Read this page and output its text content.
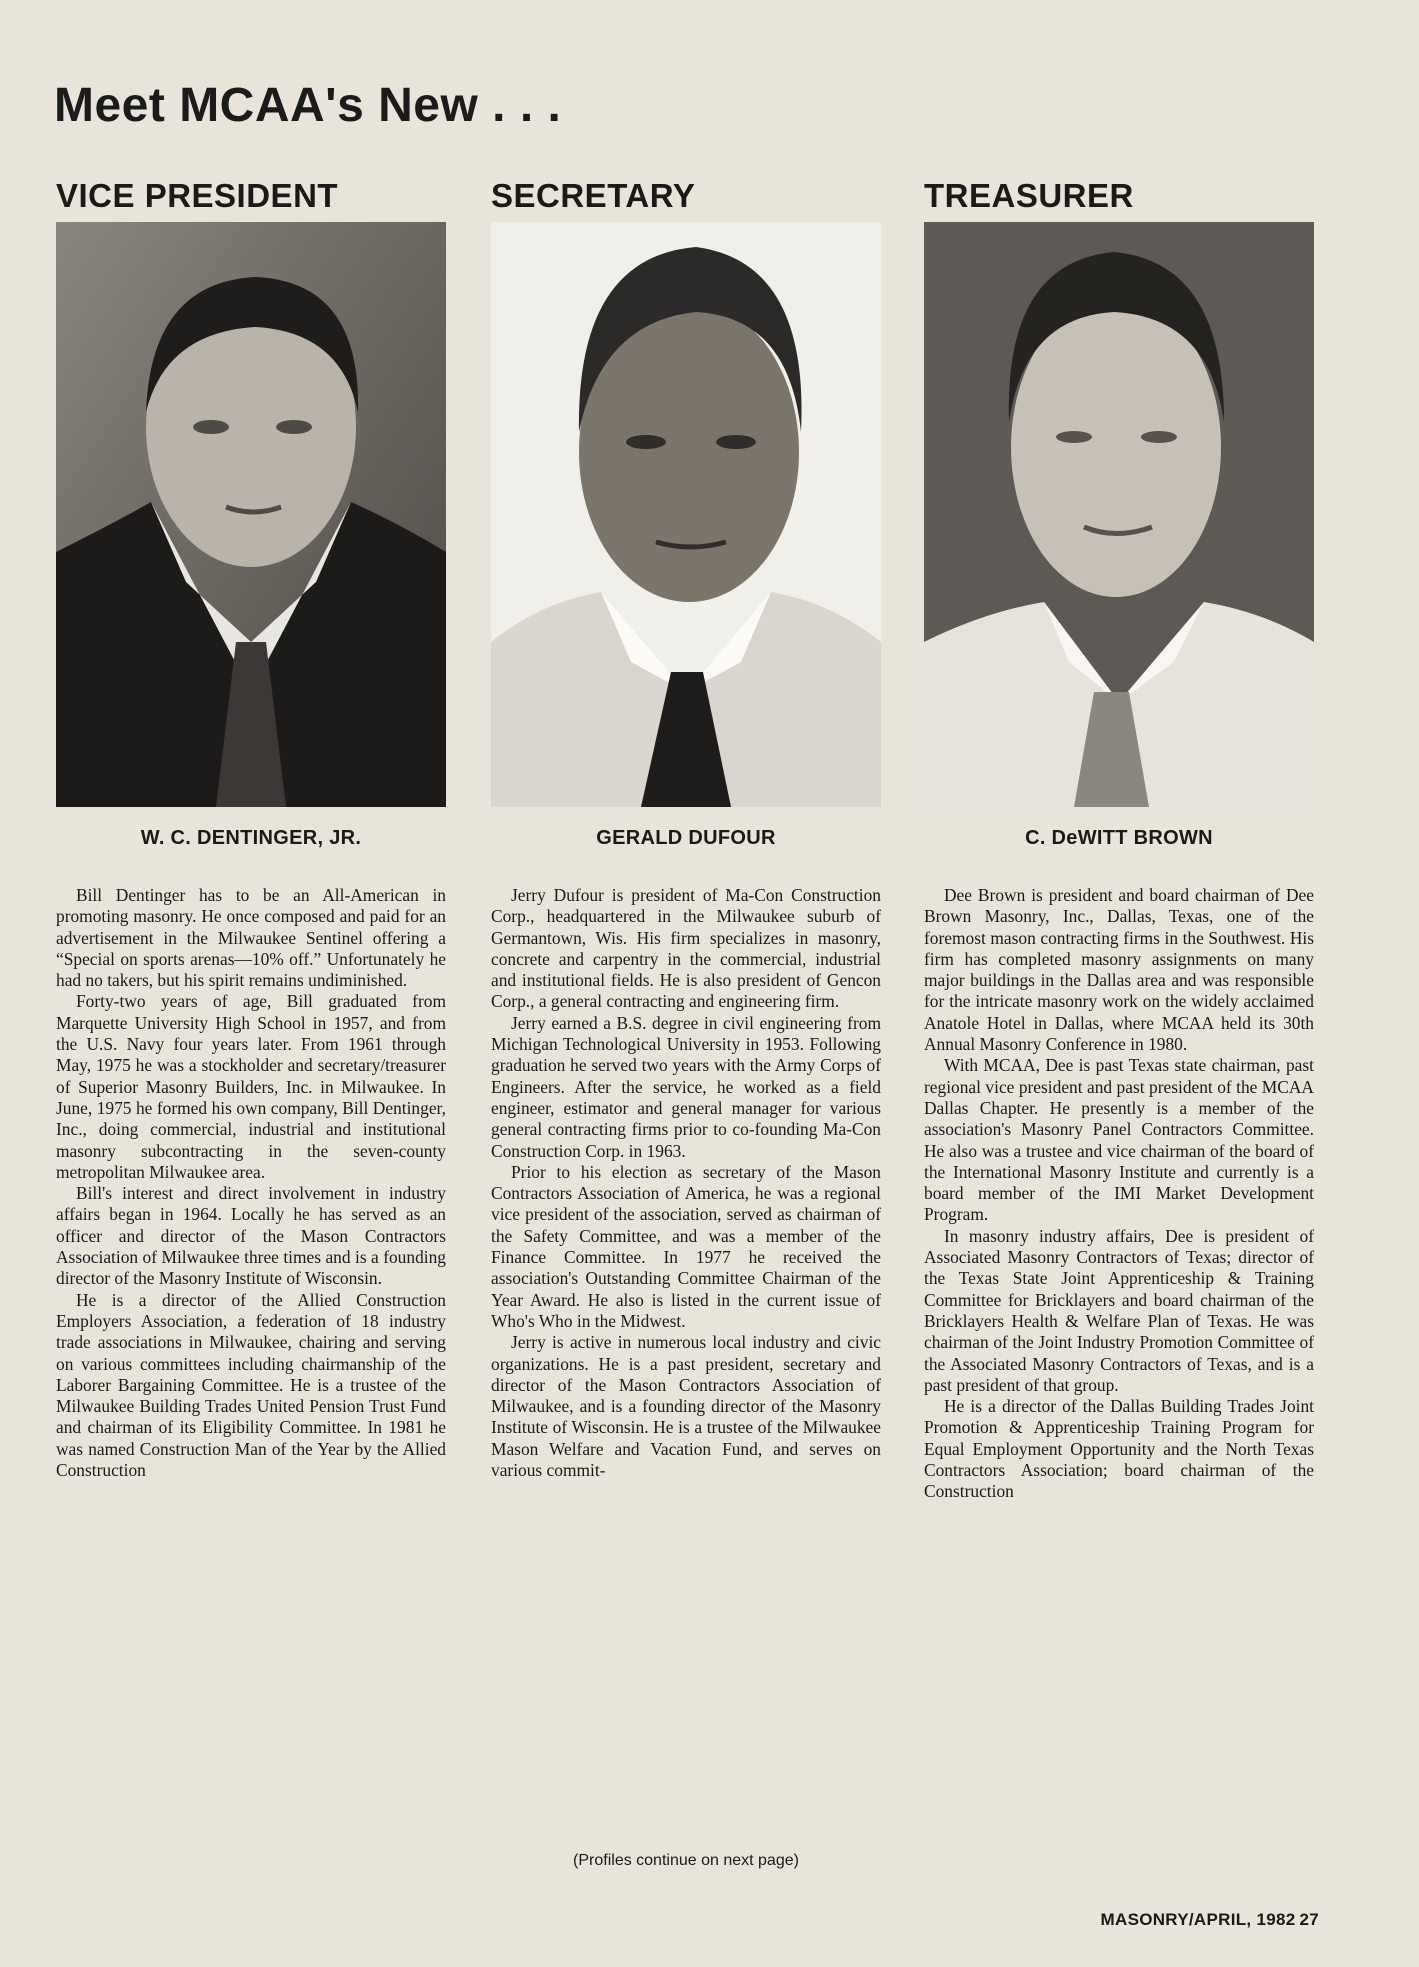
Meet MCAA's New . . .
VICE PRESIDENT
W. C. DENTINGER, JR.

Bill Dentinger has to be an All-American in promoting masonry. He once composed and paid for an advertisement in the Milwaukee Sentinel offering a “Special on sports arenas—10% off.” Unfortunately he had no takers, but his spirit remains undiminished.

Forty-two years of age, Bill graduated from Marquette University High School in 1957, and from the U.S. Navy four years later. From 1961 through May, 1975 he was a stockholder and secretary/treasurer of Superior Masonry Builders, Inc. in Milwaukee. In June, 1975 he formed his own company, Bill Dentinger, Inc., doing commercial, industrial and institutional masonry subcontracting in the seven-county metropolitan Milwaukee area.

Bill's interest and direct involvement in industry affairs began in 1964. Locally he has served as an officer and director of the Mason Contractors Association of Milwaukee three times and is a founding director of the Masonry Institute of Wisconsin.

He is a director of the Allied Construction Employers Association, a federation of 18 industry trade associations in Milwaukee, chairing and serving on various committees including chairmanship of the Laborer Bargaining Committee. He is a trustee of the Milwaukee Building Trades United Pension Trust Fund and chairman of its Eligibility Committee. In 1981 he was named Construction Man of the Year by the Allied Construction

SECRETARY
GERALD DUFOUR

Jerry Dufour is president of Ma-Con Construction Corp., headquartered in the Milwaukee suburb of Germantown, Wis. His firm specializes in masonry, concrete and carpentry in the commercial, industrial and institutional fields. He is also president of Gencon Corp., a general contracting and engineering firm.

Jerry earned a B.S. degree in civil engineering from Michigan Technological University in 1953. Following graduation he served two years with the Army Corps of Engineers. After the service, he worked as a field engineer, estimator and general manager for various general contracting firms prior to co-founding Ma-Con Construction Corp. in 1963.

Prior to his election as secretary of the Mason Contractors Association of America, he was a regional vice president of the association, served as chairman of the Safety Committee, and was a member of the Finance Committee. In 1977 he received the association's Outstanding Committee Chairman of the Year Award. He also is listed in the current issue of Who's Who in the Midwest.

Jerry is active in numerous local industry and civic organizations. He is a past president, secretary and director of the Mason Contractors Association of Milwaukee, and is a founding director of the Masonry Institute of Wisconsin. He is a trustee of the Milwaukee Mason Welfare and Vacation Fund, and serves on various commit-

TREASURER
C. DeWITT BROWN

Dee Brown is president and board chairman of Dee Brown Masonry, Inc., Dallas, Texas, one of the foremost mason contracting firms in the Southwest. His firm has completed masonry assignments on many major buildings in the Dallas area and was responsible for the intricate masonry work on the widely acclaimed Anatole Hotel in Dallas, where MCAA held its 30th Annual Masonry Conference in 1980.

With MCAA, Dee is past Texas state chairman, past regional vice president and past president of the MCAA Dallas Chapter. He presently is a member of the association's Masonry Panel Contractors Committee. He also was a trustee and vice chairman of the board of the International Masonry Institute and currently is a board member of the IMI Market Development Program.

In masonry industry affairs, Dee is president of Associated Masonry Contractors of Texas; director of the Texas State Joint Apprenticeship & Training Committee for Bricklayers and board chairman of the Bricklayers Health & Welfare Plan of Texas. He was chairman of the Joint Industry Promotion Committee of the Associated Masonry Contractors of Texas, and is a past president of that group.

He is a director of the Dallas Building Trades Joint Promotion & Apprenticeship Training Program for Equal Employment Opportunity and the North Texas Contractors Association; board chairman of the Construction

(Profiles continue on next page)
MASONRY/APRIL, 1982 27
